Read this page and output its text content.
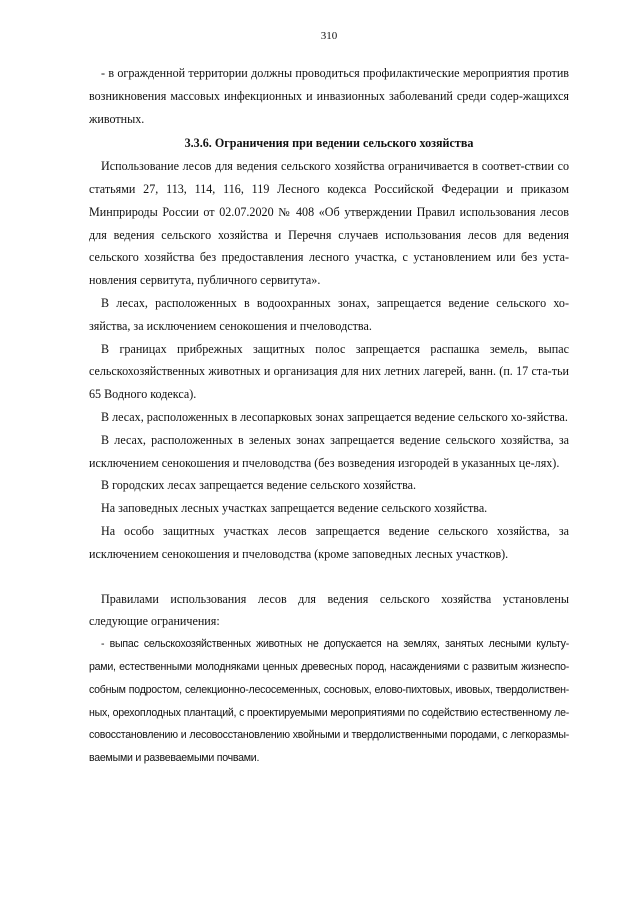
310

- в огражденной территории должны проводиться профилактические мероприятия против возникновения массовых инфекционных и инвазионных заболеваний среди содер-жащихся животных.

3.3.6. Ограничения при ведении сельского хозяйства

Использование лесов для ведения сельского хозяйства ограничивается в соответ-ствии со статьями 27, 113, 114, 116, 119 Лесного кодекса Российской Федерации и приказом Минприроды России от 02.07.2020 № 408 «Об утверждении Правил использования лесов для ведения сельского хозяйства и Перечня случаев использования лесов для ведения сельского хозяйства без предоставления лесного участка, с установлением или без уста-новления сервитута, публичного сервитута».

В лесах, расположенных в водоохранных зонах, запрещается ведение сельского хо-зяйства, за исключением сенокошения и пчеловодства.

В границах прибрежных защитных полос запрещается распашка земель, выпас сельскохозяйственных животных и организация для них летних лагерей, ванн. (п. 17 ста-тьи 65 Водного кодекса).

В лесах, расположенных в лесопарковых зонах запрещается ведение сельского хо-зяйства.

В лесах, расположенных в зеленых зонах запрещается ведение сельского хозяйства, за исключением сенокошения и пчеловодства (без возведения изгородей в указанных це-лях).

В городских лесах запрещается ведение сельского хозяйства.

На заповедных лесных участках запрещается ведение сельского хозяйства.

На особо защитных участках лесов запрещается ведение сельского хозяйства, за исключением сенокошения и пчеловодства (кроме заповедных лесных участков).

Правилами использования лесов для ведения сельского хозяйства установлены следующие ограничения:

- выпас сельскохозяйственных животных не допускается на землях, занятых лесными культу-рами, естественными молодняками ценных древесных пород, насаждениями с развитым жизнеспо-собным подростом, селекционно-лесосеменных, сосновых, елово-пихтовых, ивовых, твердолиствен-ных, орехоплодных плантаций, с проектируемыми мероприятиями по содействию естественному ле-совосстановлению и лесовосстановлению хвойными и твердолиственными породами, с легкоразмы-ваемыми и развеваемыми почвами.
